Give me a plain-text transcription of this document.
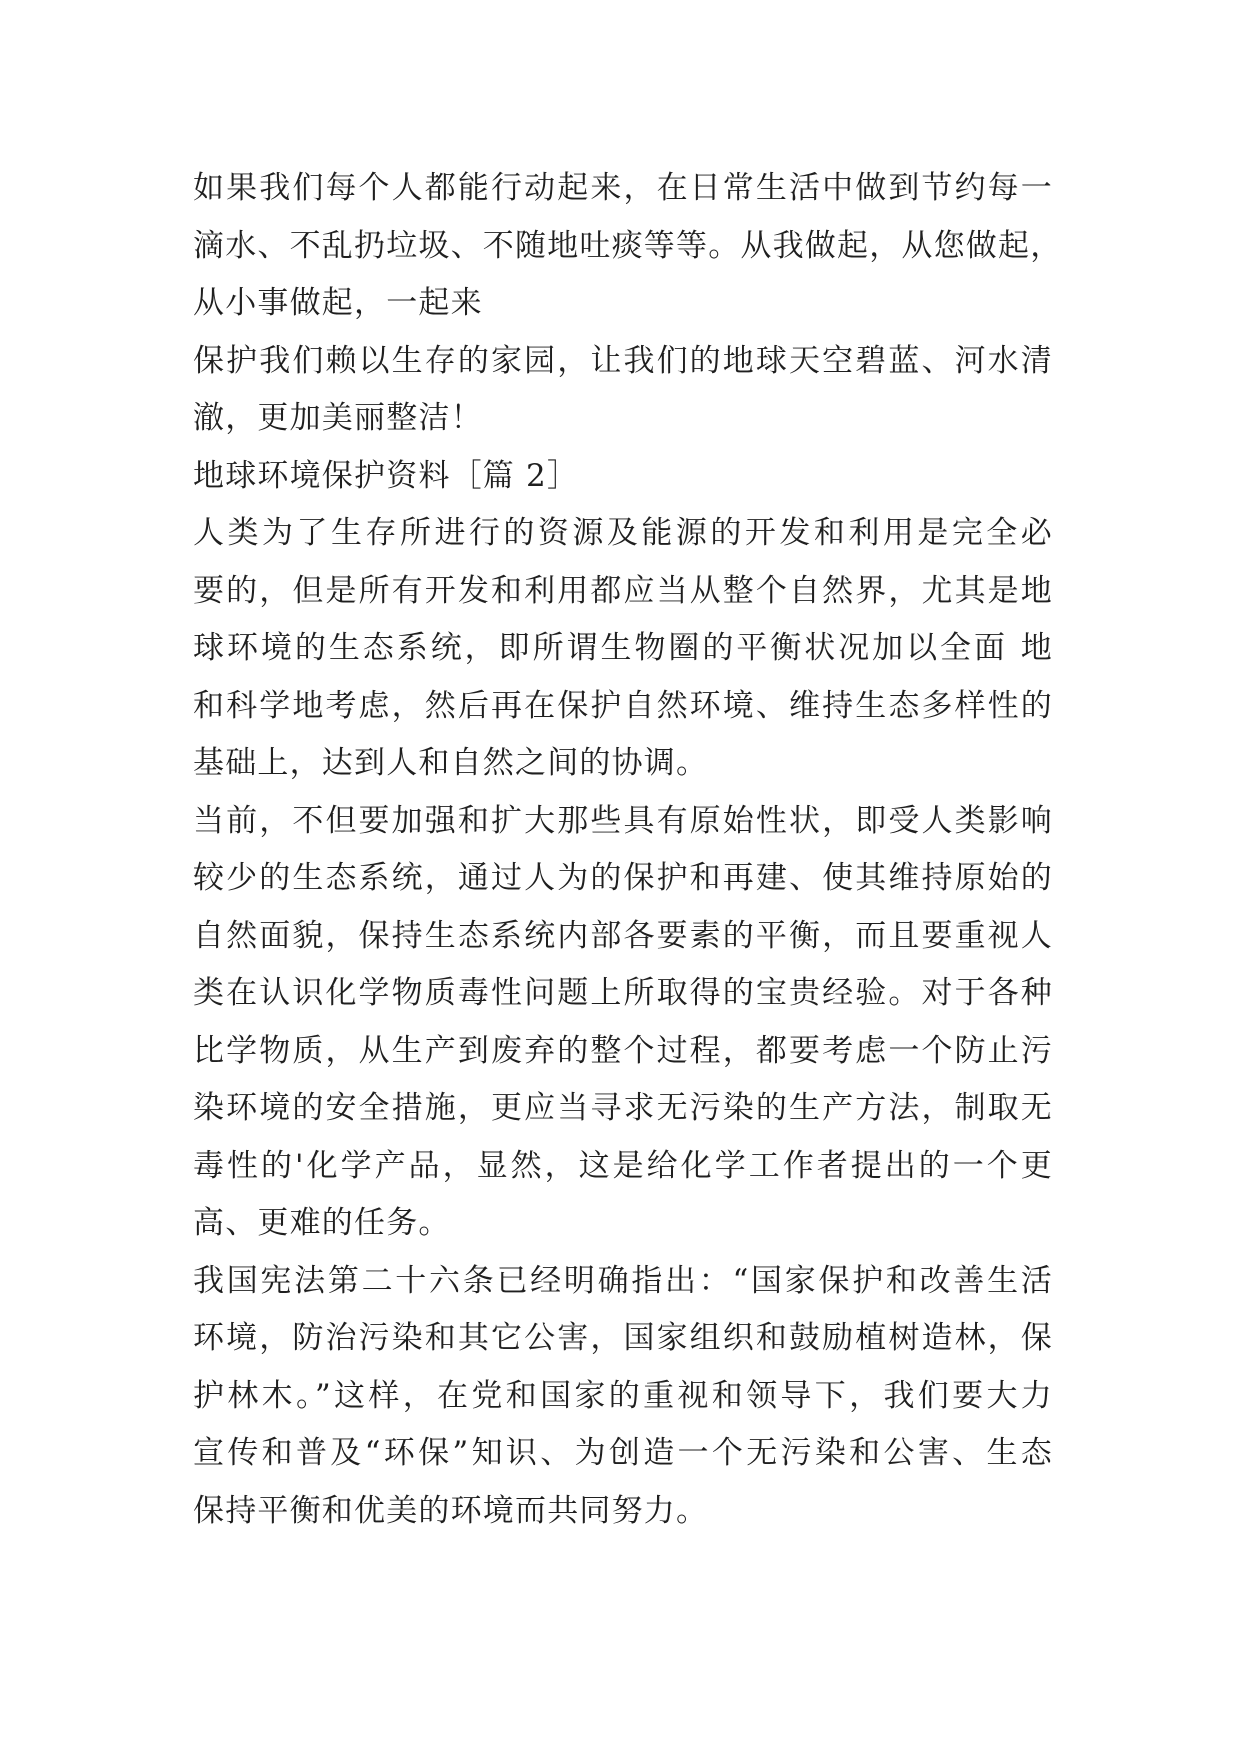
如果我们每个人都能行动起来，在日常生活中做到节约每一
滴水、不乱扔垃圾、不随地吐痰等等。从我做起，从您做起，
从小事做起，一起来
保护我们赖以生存的家园，让我们的地球天空碧蓝、河水清
澈，更加美丽整洁！
地球环境保护资料［篇 2］
人类为了生存所进行的资源及能源的开发和利用是完全必
要的，但是所有开发和利用都应当从整个自然界，尤其是地
球环境的生态系统，即所谓生物圈的平衡状况加以全面 地
和科学地考虑，然后再在保护自然环境、维持生态多样性的
基础上，达到人和自然之间的协调。
当前，不但要加强和扩大那些具有原始性状，即受人类影响
较少的生态系统，通过人为的保护和再建、使其维持原始的
自然面貌，保持生态系统内部各要素的平衡，而且要重视人
类在认识化学物质毒性问题上所取得的宝贵经验。对于各种
比学物质，从生产到废弃的整个过程，都要考虑一个防止污
染环境的安全措施，更应当寻求无污染的生产方法，制取无
毒性的'化学产品，显然，这是给化学工作者提出的一个更
高、更难的任务。
我国宪法第二十六条已经明确指出：“国家保护和改善生活
环境，防治污染和其它公害，国家组织和鼓励植树造林，保
护林木。”这样，在党和国家的重视和领导下，我们要大力
宣传和普及“环保”知识、为创造一个无污染和公害、生态
保持平衡和优美的环境而共同努力。
